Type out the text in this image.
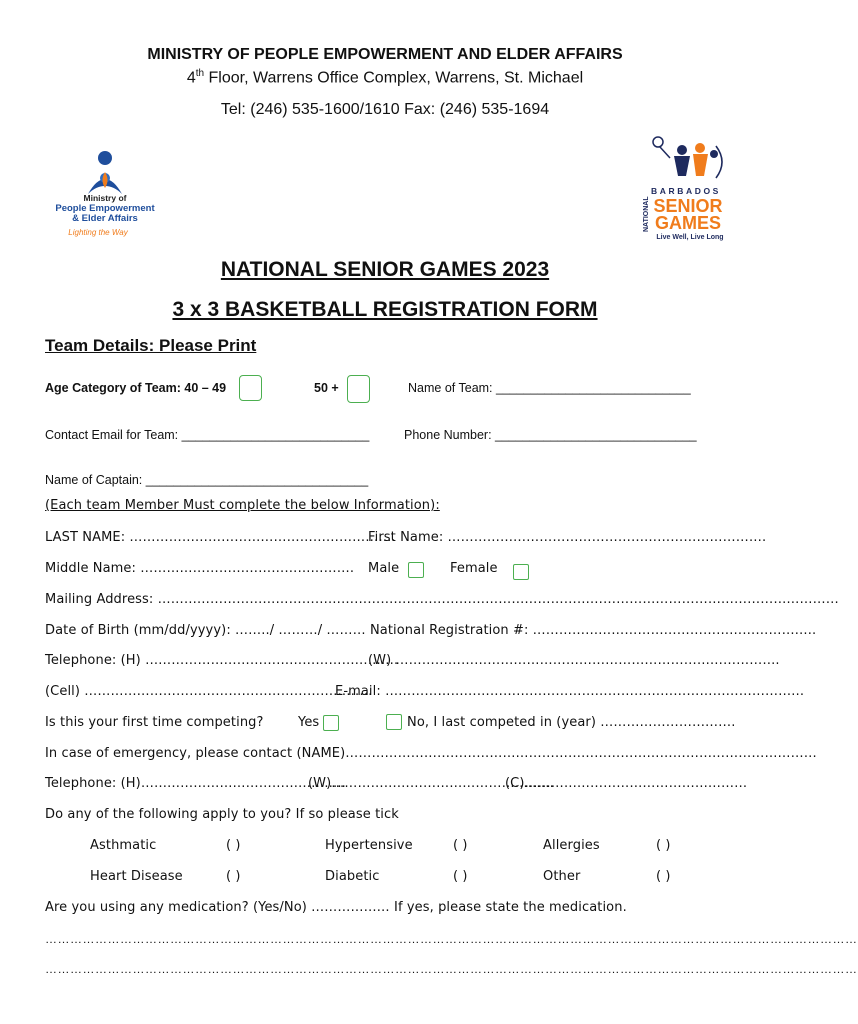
MINISTRY OF PEOPLE EMPOWERMENT AND ELDER AFFAIRS
4th Floor, Warrens Office Complex, Warrens, St. Michael
Tel: (246) 535-1600/1610 Fax: (246) 535-1694
Ministry of
People Empowerment
& Elder Affairs
Lighting the Way
BARBADOS
SENIOR
GAMES
NATIONAL
Live Well, Live Long
NATIONAL SENIOR GAMES 2023
3 x 3 BASKETBALL REGISTRATION FORM
Team Details: Please Print
Age Category of Team: 40 – 49	50 +	Name of Team: ____________________________
Contact Email for Team: ___________________________	Phone Number: _____________________________
Name of Captain: ________________________________
(Each team Member Must complete the below Information):
LAST NAME: …………………………………………………….
First Name: ……………………………………………………………….
Middle Name: …………………………………………. Male	Female
Mailing Address: …………………………………………………………………………………………………………………………………………
Date of Birth (mm/dd/yyyy): ……../ ………/ ……… National Registration #: ………………………………………………………..
Telephone: (H) ………………………………………………….
(W) …………………………………………………………………………….
(Cell) …………………………………………………………
E-mail: ……………………………………………………………………………………
Is this your first time competing?	Yes	No, I last competed in (year) ………………………….
In case of emergency, please contact (NAME)………………………………………………………………………………………………
Telephone: (H)………………………………………..
(W)……………………………………………
(C)……………………………………………
Do any of the following apply to you? If so please tick
Asthmatic	( )	Hypertensive	( )	Allergies	( )
Heart Disease	( )	Diabetic	( )	Other	( )
Are you using any medication? (Yes/No) ……………… If yes, please state the medication.
……………………………………………………………………………………………………………………………………………………………………………
……………………………………………………………………………………………………………………………………………………………………………
